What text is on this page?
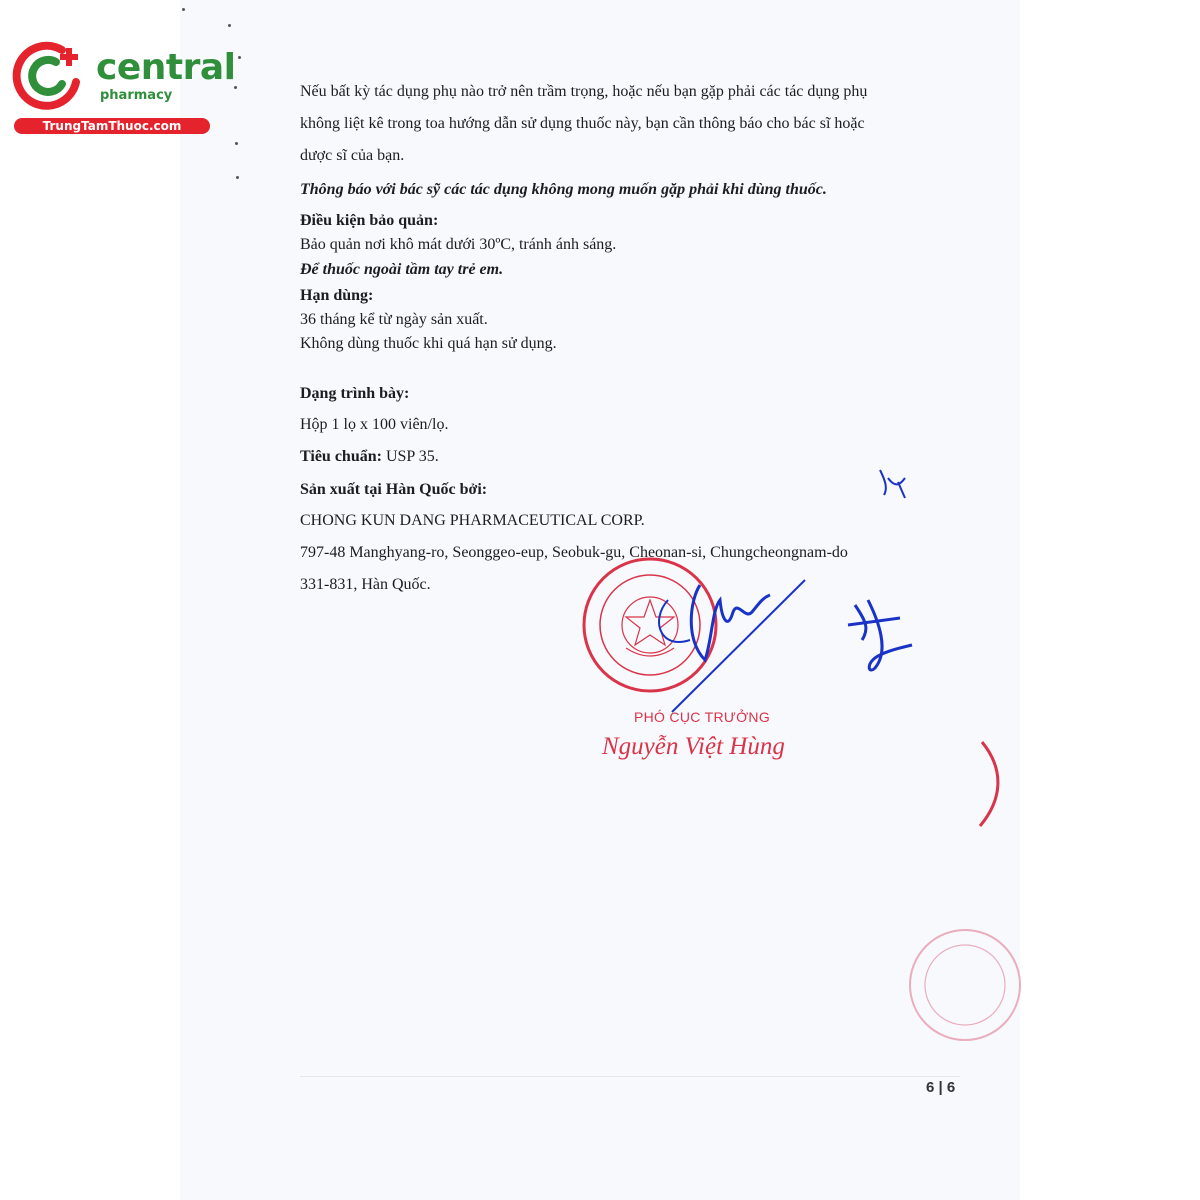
central
pharmacy
TrungTamThuoc.com
Nếu bất kỳ tác dụng phụ nào trở nên trầm trọng, hoặc nếu bạn gặp phải các tác dụng phụ
không liệt kê trong toa hướng dẫn sử dụng thuốc này, bạn cần thông báo cho bác sĩ hoặc
dược sĩ của bạn.
Thông báo với bác sỹ các tác dụng không mong muốn gặp phải khi dùng thuốc.
Điều kiện bảo quản:
Bảo quản nơi khô mát dưới 30ºC, tránh ánh sáng.
Để thuốc ngoài tầm tay trẻ em.
Hạn dùng:
36 tháng kể từ ngày sản xuất.
Không dùng thuốc khi quá hạn sử dụng.
Dạng trình bày:
Hộp 1 lọ x 100 viên/lọ.
Tiêu chuẩn: USP 35.
Sản xuất tại Hàn Quốc bởi:
CHONG KUN DANG PHARMACEUTICAL CORP.
797-48 Manghyang-ro, Seonggeo-eup, Seobuk-gu, Cheonan-si, Chungcheongnam-do
331-831, Hàn Quốc.
PHÓ CỤC TRƯỞNG
Nguyễn Việt Hùng
6 | 6
